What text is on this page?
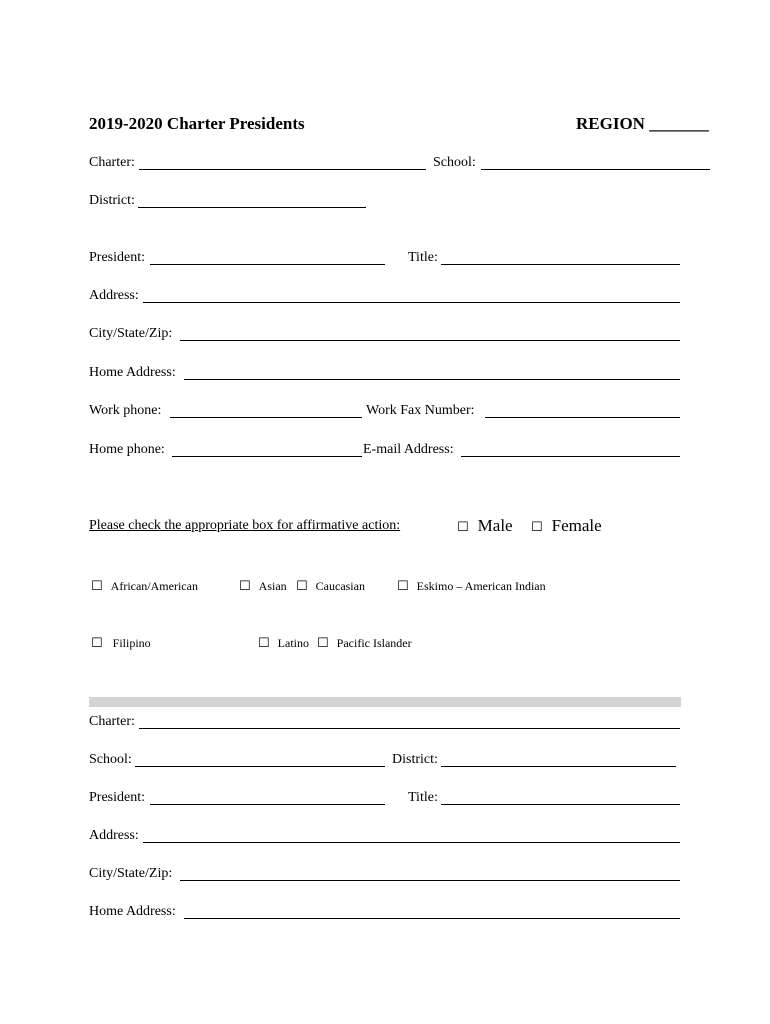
2019-2020 Charter Presidents	REGION _______
Charter:	School:
District:
President:	Title:
Address:
City/State/Zip:
Home Address:
Work phone:	Work Fax Number:
Home phone:	E-mail Address:
Please check the appropriate box for affirmative action:	☐ Male ☐ Female
☐ African/American	☐ Asian ☐ Caucasian ☐ Eskimo – American Indian
☐ Filipino	☐ Latino ☐ Pacific Islander
Charter:
School:	District:
President:	Title:
Address:
City/State/Zip:
Home Address:
